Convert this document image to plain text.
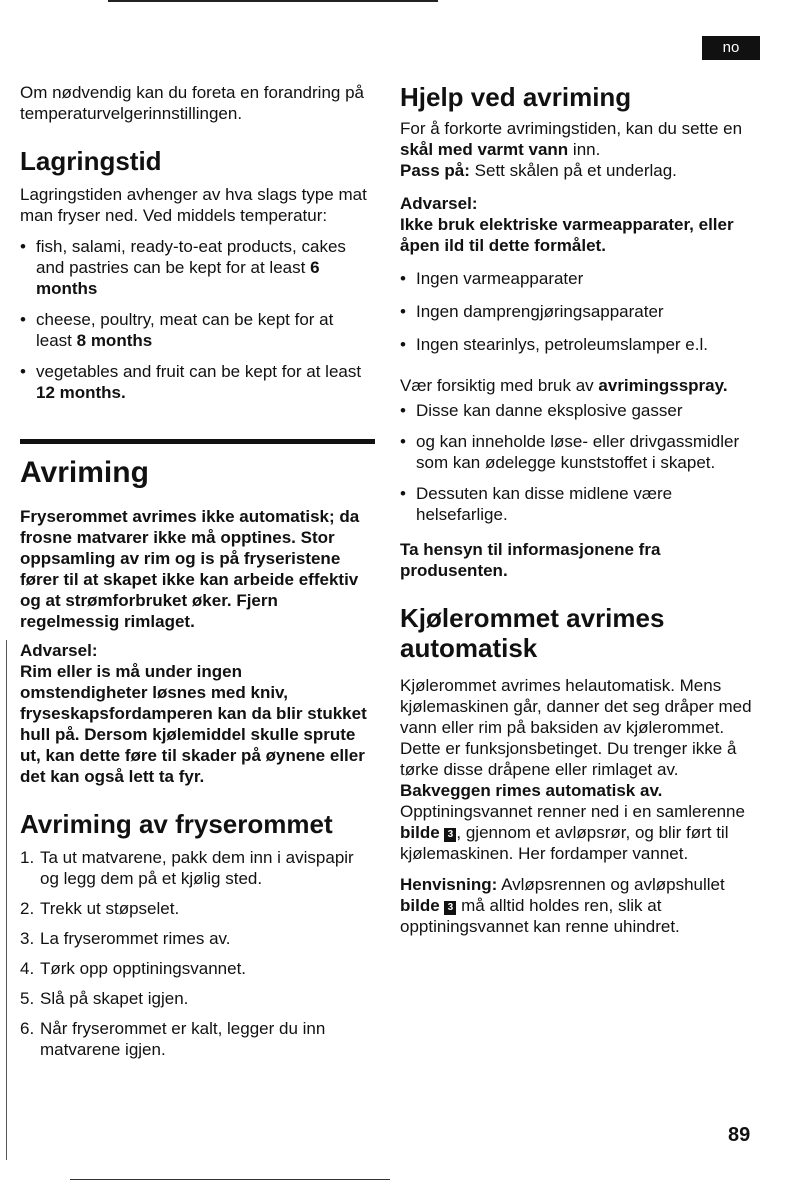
no

Om nødvendig kan du foreta en forandring på temperaturvelgerinnstillingen.

Lagringstid

Lagringstiden avhenger av hva slags type mat man fryser ned. Ved middels temperatur:

• fish, salami, ready-to-eat products, cakes and pastries can be kept for at least 6 months
• cheese, poultry, meat can be kept for at least 8 months
• vegetables and fruit can be kept for at least 12 months.
Avriming

Fryserommet avrimes ikke automatisk; da frosne matvarer ikke må opptines. Stor oppsamling av rim og is på frysеristene fører til at skapet ikke kan arbeide effektiv og at strømforbruket øker. Fjern regelmessig rimlaget.

Advarsel:

Rim eller is må under ingen omstendigheter løsnes med kniv, fryseskapsfordamperen kan da blir stukket hull på. Dersom kjølemiddel skulle sprute ut, kan dette føre til skader på øynene eller det kan også lett ta fyr.

Avriming av fryserommet
1. Ta ut matvarene, pakk dem inn i avispapir og legg dem på et kjølig sted.
2. Trekk ut støpselet.
3. La fryserommet rimes av.
4. Tørk opp opptiningsvannet.
5. Slå på skapet igjen.
6. Når fryserommet er kalt, legger du inn matvarene igjen.
Hjelp ved avriming

For å forkorte avrimingstiden, kan du sette en skål med varmt vann inn.

Pass på: Sett skålen på et underlag.

Advarsel:

Ikke bruk elektriske varmeapparater, eller åpen ild til dette formålet.

• Ingen varmeapparater
• Ingen damprengjøringsapparater
• Ingen stearinlys, petroleumslamper e.l.

Vær forsiktig med bruk av avrimingsspray.

• Disse kan danne eksplosive gasser
• og kan inneholde løse- eller drivgassmidler som kan ødelegge kunststoffet i skapet.
• Dessuten kan disse midlene være helsefarlige.

Ta hensyn til informasjonene fra produsenten.

Kjølerommet avrimes automatisk

Kjølerommet avrimes helautomatisk. Mens kjølemaskinen går, danner det seg dråper med vann eller rim på baksiden av kjølerommet. Dette er funksjonsbetinget. Du trenger ikke å tørke disse dråpene eller rimlaget av. Bakveggen rimes automatisk av. Opptiningsvannet renner ned i en samlerenne bilde 3 , gjennom et avløpsrør, og blir ført til kjølemaskinen. Her fordamper vannet.

Henvisning: Avløpsrennen og avløpshullet bilde 3 må alltid holdes ren, slik at opptiningsvannet kan renne uhindret.

89
